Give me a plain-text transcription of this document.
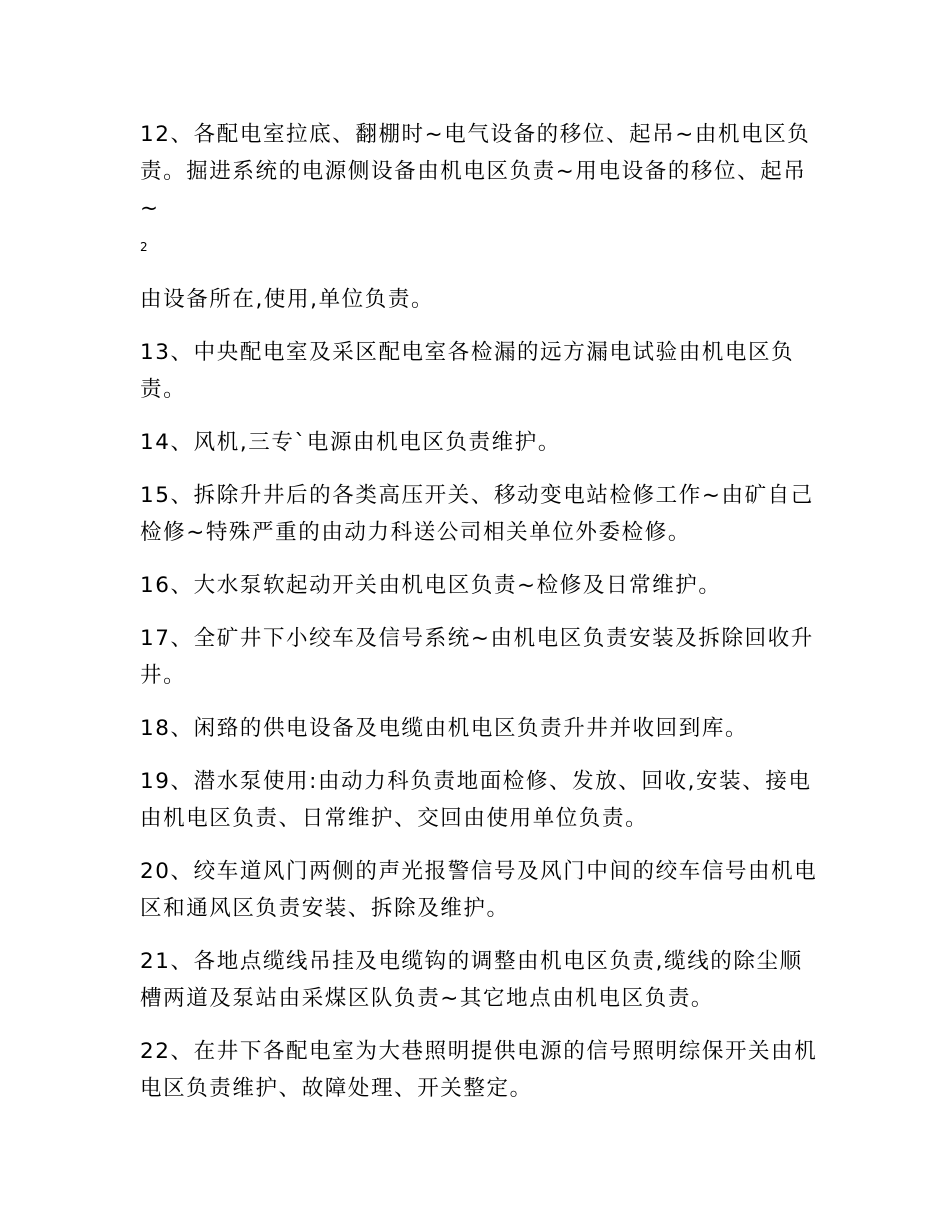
12、各配电室拉底、翻棚时~电气设备的移位、起吊~由机电区负责。掘进系统的电源侧设备由机电区负责~用电设备的移位、起吊~

2

由设备所在,使用,单位负责。

13、中央配电室及采区配电室各检漏的远方漏电试验由机电区负责。

14、风机,三专`电源由机电区负责维护。

15、拆除升井后的各类高压开关、移动变电站检修工作~由矿自己检修~特殊严重的由动力科送公司相关单位外委检修。

16、大水泵软起动开关由机电区负责~检修及日常维护。

17、全矿井下小绞车及信号系统~由机电区负责安装及拆除回收升井。

18、闲臵的供电设备及电缆由机电区负责升井并收回到库。

19、潜水泵使用:由动力科负责地面检修、发放、回收,安装、接电由机电区负责、日常维护、交回由使用单位负责。

20、绞车道风门两侧的声光报警信号及风门中间的绞车信号由机电区和通风区负责安装、拆除及维护。

21、各地点缆线吊挂及电缆钩的调整由机电区负责,缆线的除尘顺槽两道及泵站由采煤区队负责~其它地点由机电区负责。

22、在井下各配电室为大巷照明提供电源的信号照明综保开关由机电区负责维护、故障处理、开关整定。
